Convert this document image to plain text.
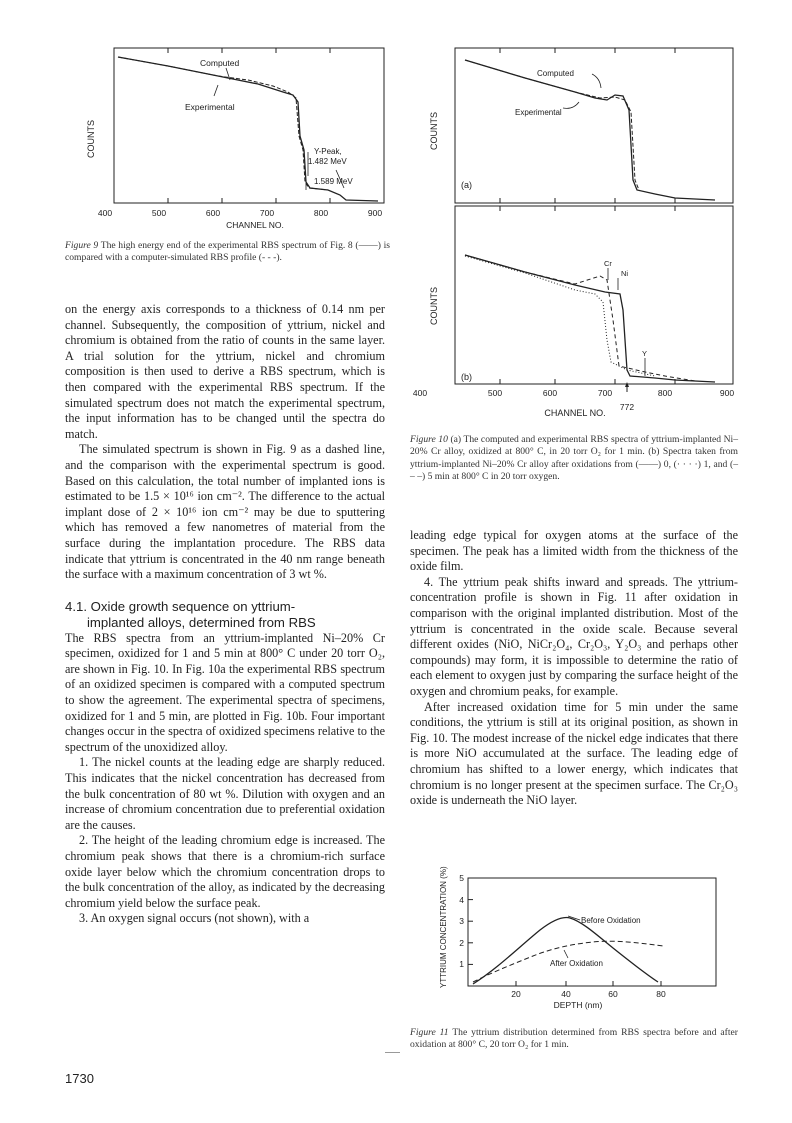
Computed
Experimental
Y-Peak,
1.482 MeV
1.589 MeV
COUNTS
400	500	600	700	800	900
CHANNEL NO.
Figure 9 The high energy end of the experimental RBS spectrum of Fig. 8 (——) is compared with a computer-simulated RBS profile (- - -).
Computed
Experimental
(a)
COUNTS
Cr
Ni
Y
(b)
COUNTS
400	500	600	700	800	900
CHANNEL NO.
772
Figure 10 (a) The computed and experimental RBS spectra of yttrium-implanted Ni–20% Cr alloy, oxidized at 800° C, in 20 torr O₂ for 1 min. (b) Spectra taken from yttrium-implanted Ni–20% Cr alloy after oxidations from (——) 0, (· · · ·) 1, and (– – –) 5 min at 800° C in 20 torr oxygen.

on the energy axis corresponds to a thickness of 0.14 nm per channel. Subsequently, the composition of yttrium, nickel and chromium is obtained from the ratio of counts in the same layer. A trial solution for the yttrium, nickel and chromium composition is then used to derive a RBS spectrum, which is then compared with the experimental RBS spectrum. If the simulated spectrum does not match the experimental spectrum, the input information has to be changed until the spectra do match.

The simulated spectrum is shown in Fig. 9 as a dashed line, and the comparison with the experimental spectrum is good. Based on this calculation, the total number of implanted ions is estimated to be 1.5 × 10¹⁶ ion cm⁻². The difference to the actual implant dose of 2 × 10¹⁶ ion cm⁻² may be due to sputtering which has removed a few nanometres of material from the surface during the implantation procedure. The RBS data indicate that yttrium is concentrated in the 40 nm range beneath the surface with a maximum concentration of 3 wt %.

4.1. Oxide growth sequence on yttrium-
implanted alloys, determined from RBS

The RBS spectra from an yttrium-implanted Ni–20% Cr specimen, oxidized for 1 and 5 min at 800° C under 20 torr O₂, are shown in Fig. 10. In Fig. 10a the experimental RBS spectrum of an oxidized specimen is compared with a computed spectrum to show the agreement. The experimental spectra of specimens, oxidized for 1 and 5 min, are plotted in Fig. 10b. Four important changes occur in the spectra of oxidized specimens relative to the spectrum of the unoxidized alloy.

1. The nickel counts at the leading edge are sharply reduced. This indicates that the nickel concentration has decreased from the bulk concentration of 80 wt %. Dilution with oxygen and an increase of chromium concentration due to preferential oxidation are the causes.

2. The height of the leading chromium edge is increased. The chromium peak shows that there is a chromium-rich surface oxide layer below which the chromium concentration drops to the bulk concentration of the alloy, as indicated by the decreasing chromium yield below the surface peak.

3. An oxygen signal occurs (not shown), with a

leading edge typical for oxygen atoms at the surface of the specimen. The peak has a limited width from the thickness of the oxide film.

4. The yttrium peak shifts inward and spreads. The yttrium-concentration profile is shown in Fig. 11 after oxidation in comparison with the original implanted distribution. Most of the yttrium is concentrated in the oxide scale. Because several different oxides (NiO, NiCr₂O₄, Cr₂O₃, Y₂O₃ and perhaps other compounds) may form, it is impossible to determine the ratio of each element to oxygen just by comparing the surface height of the oxygen and chromium peaks, for example.

After increased oxidation time for 5 min under the same conditions, the yttrium is still at its original position, as shown in Fig. 10. The modest increase of the nickel edge indicates that there is more NiO accumulated at the surface. The leading edge of chromium has shifted to a lower energy, which indicates that chromium is no longer present at the specimen surface. The Cr₂O₃ oxide is underneath the NiO layer.

Before Oxidation
After Oxidation
1
2
3
4
5
YTTRIUM CONCENTRATION (%)
20	40	60	80
DEPTH (nm)
Figure 11 The yttrium distribution determined from RBS spectra before and after oxidation at 800° C, 20 torr O₂ for 1 min.
1730
